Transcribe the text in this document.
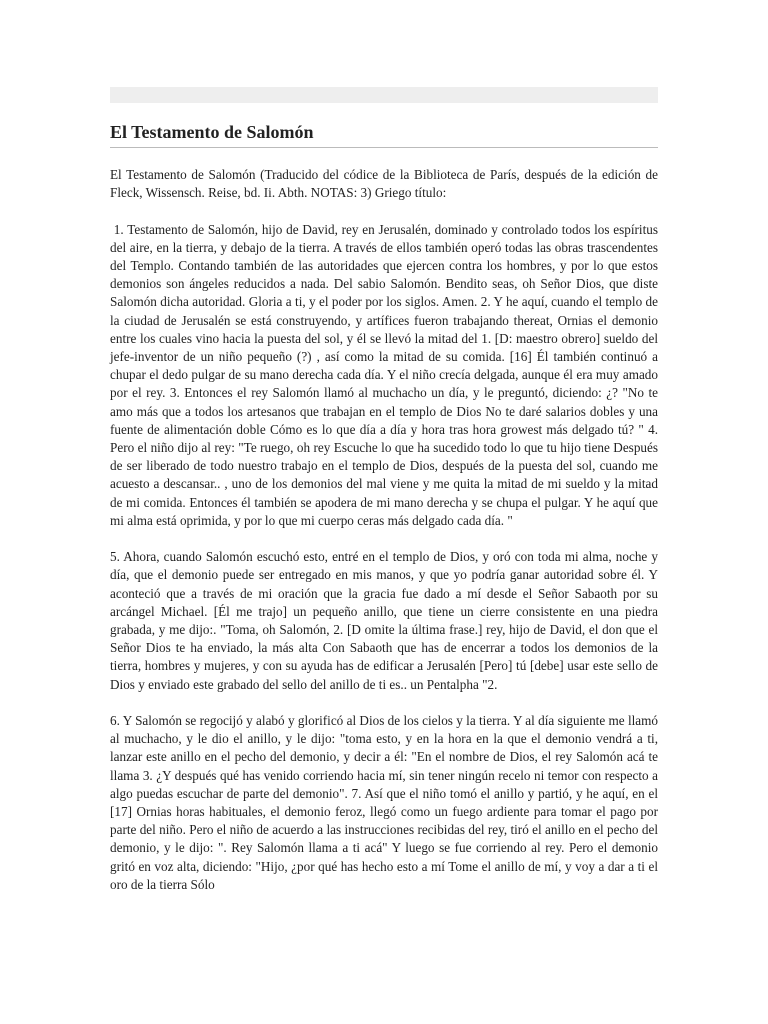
El Testamento de Salomón

El Testamento de Salomón (Traducido del códice de la Biblioteca de París, después de la edición de Fleck, Wissensch. Reise, bd. Ii. Abth. NOTAS: 3) Griego título:

1. Testamento de Salomón, hijo de David, rey en Jerusalén, dominado y controlado todos los espíritus del aire, en la tierra, y debajo de la tierra. A través de ellos también operó todas las obras trascendentes del Templo. Contando también de las autoridades que ejercen contra los hombres, y por lo que estos demonios son ángeles reducidos a nada. Del sabio Salomón. Bendito seas, oh Señor Dios, que diste Salomón dicha autoridad. Gloria a ti, y el poder por los siglos. Amen. 2. Y he aquí, cuando el templo de la ciudad de Jerusalén se está construyendo, y artífices fueron trabajando thereat, Ornias el demonio entre los cuales vino hacia la puesta del sol, y él se llevó la mitad del 1. [D: maestro obrero] sueldo del jefe-inventor de un niño pequeño (?) , así como la mitad de su comida. [16] Él también continuó a chupar el dedo pulgar de su mano derecha cada día. Y el niño crecía delgada, aunque él era muy amado por el rey. 3. Entonces el rey Salomón llamó al muchacho un día, y le preguntó, diciendo: ¿? "No te amo más que a todos los artesanos que trabajan en el templo de Dios No te daré salarios dobles y una fuente de alimentación doble Cómo es lo que día a día y hora tras hora growest más delgado tú? " 4. Pero el niño dijo al rey: "Te ruego, oh rey Escuche lo que ha sucedido todo lo que tu hijo tiene Después de ser liberado de todo nuestro trabajo en el templo de Dios, después de la puesta del sol, cuando me acuesto a descansar.. , uno de los demonios del mal viene y me quita la mitad de mi sueldo y la mitad de mi comida. Entonces él también se apodera de mi mano derecha y se chupa el pulgar. Y he aquí que mi alma está oprimida, y por lo que mi cuerpo ceras más delgado cada día. "

5. Ahora, cuando Salomón escuchó esto, entré en el templo de Dios, y oró con toda mi alma, noche y día, que el demonio puede ser entregado en mis manos, y que yo podría ganar autoridad sobre él. Y aconteció que a través de mi oración que la gracia fue dado a mí desde el Señor Sabaoth por su arcángel Michael. [Él me trajo] un pequeño anillo, que tiene un cierre consistente en una piedra grabada, y me dijo:. "Toma, oh Salomón, 2. [D omite la última frase.] rey, hijo de David, el don que el Señor Dios te ha enviado, la más alta Con Sabaoth que has de encerrar a todos los demonios de la tierra, hombres y mujeres, y con su ayuda has de edificar a Jerusalén [Pero] tú [debe] usar este sello de Dios y enviado este grabado del sello del anillo de ti es.. un Pentalpha "2.

6. Y Salomón se regocijó y alabó y glorificó al Dios de los cielos y la tierra. Y al día siguiente me llamó al muchacho, y le dio el anillo, y le dijo: "toma esto, y en la hora en la que el demonio vendrá a ti, lanzar este anillo en el pecho del demonio, y decir a él: "En el nombre de Dios, el rey Salomón acá te llama 3. ¿Y después qué has venido corriendo hacia mí, sin tener ningún recelo ni temor con respecto a algo puedas escuchar de parte del demonio". 7. Así que el niño tomó el anillo y partió, y he aquí, en el [17] Ornias horas habituales, el demonio feroz, llegó como un fuego ardiente para tomar el pago por parte del niño. Pero el niño de acuerdo a las instrucciones recibidas del rey, tiró el anillo en el pecho del demonio, y le dijo: ". Rey Salomón llama a ti acá" Y luego se fue corriendo al rey. Pero el demonio gritó en voz alta, diciendo: "Hijo, ¿por qué has hecho esto a mí Tome el anillo de mí, y voy a dar a ti el oro de la tierra Sólo
